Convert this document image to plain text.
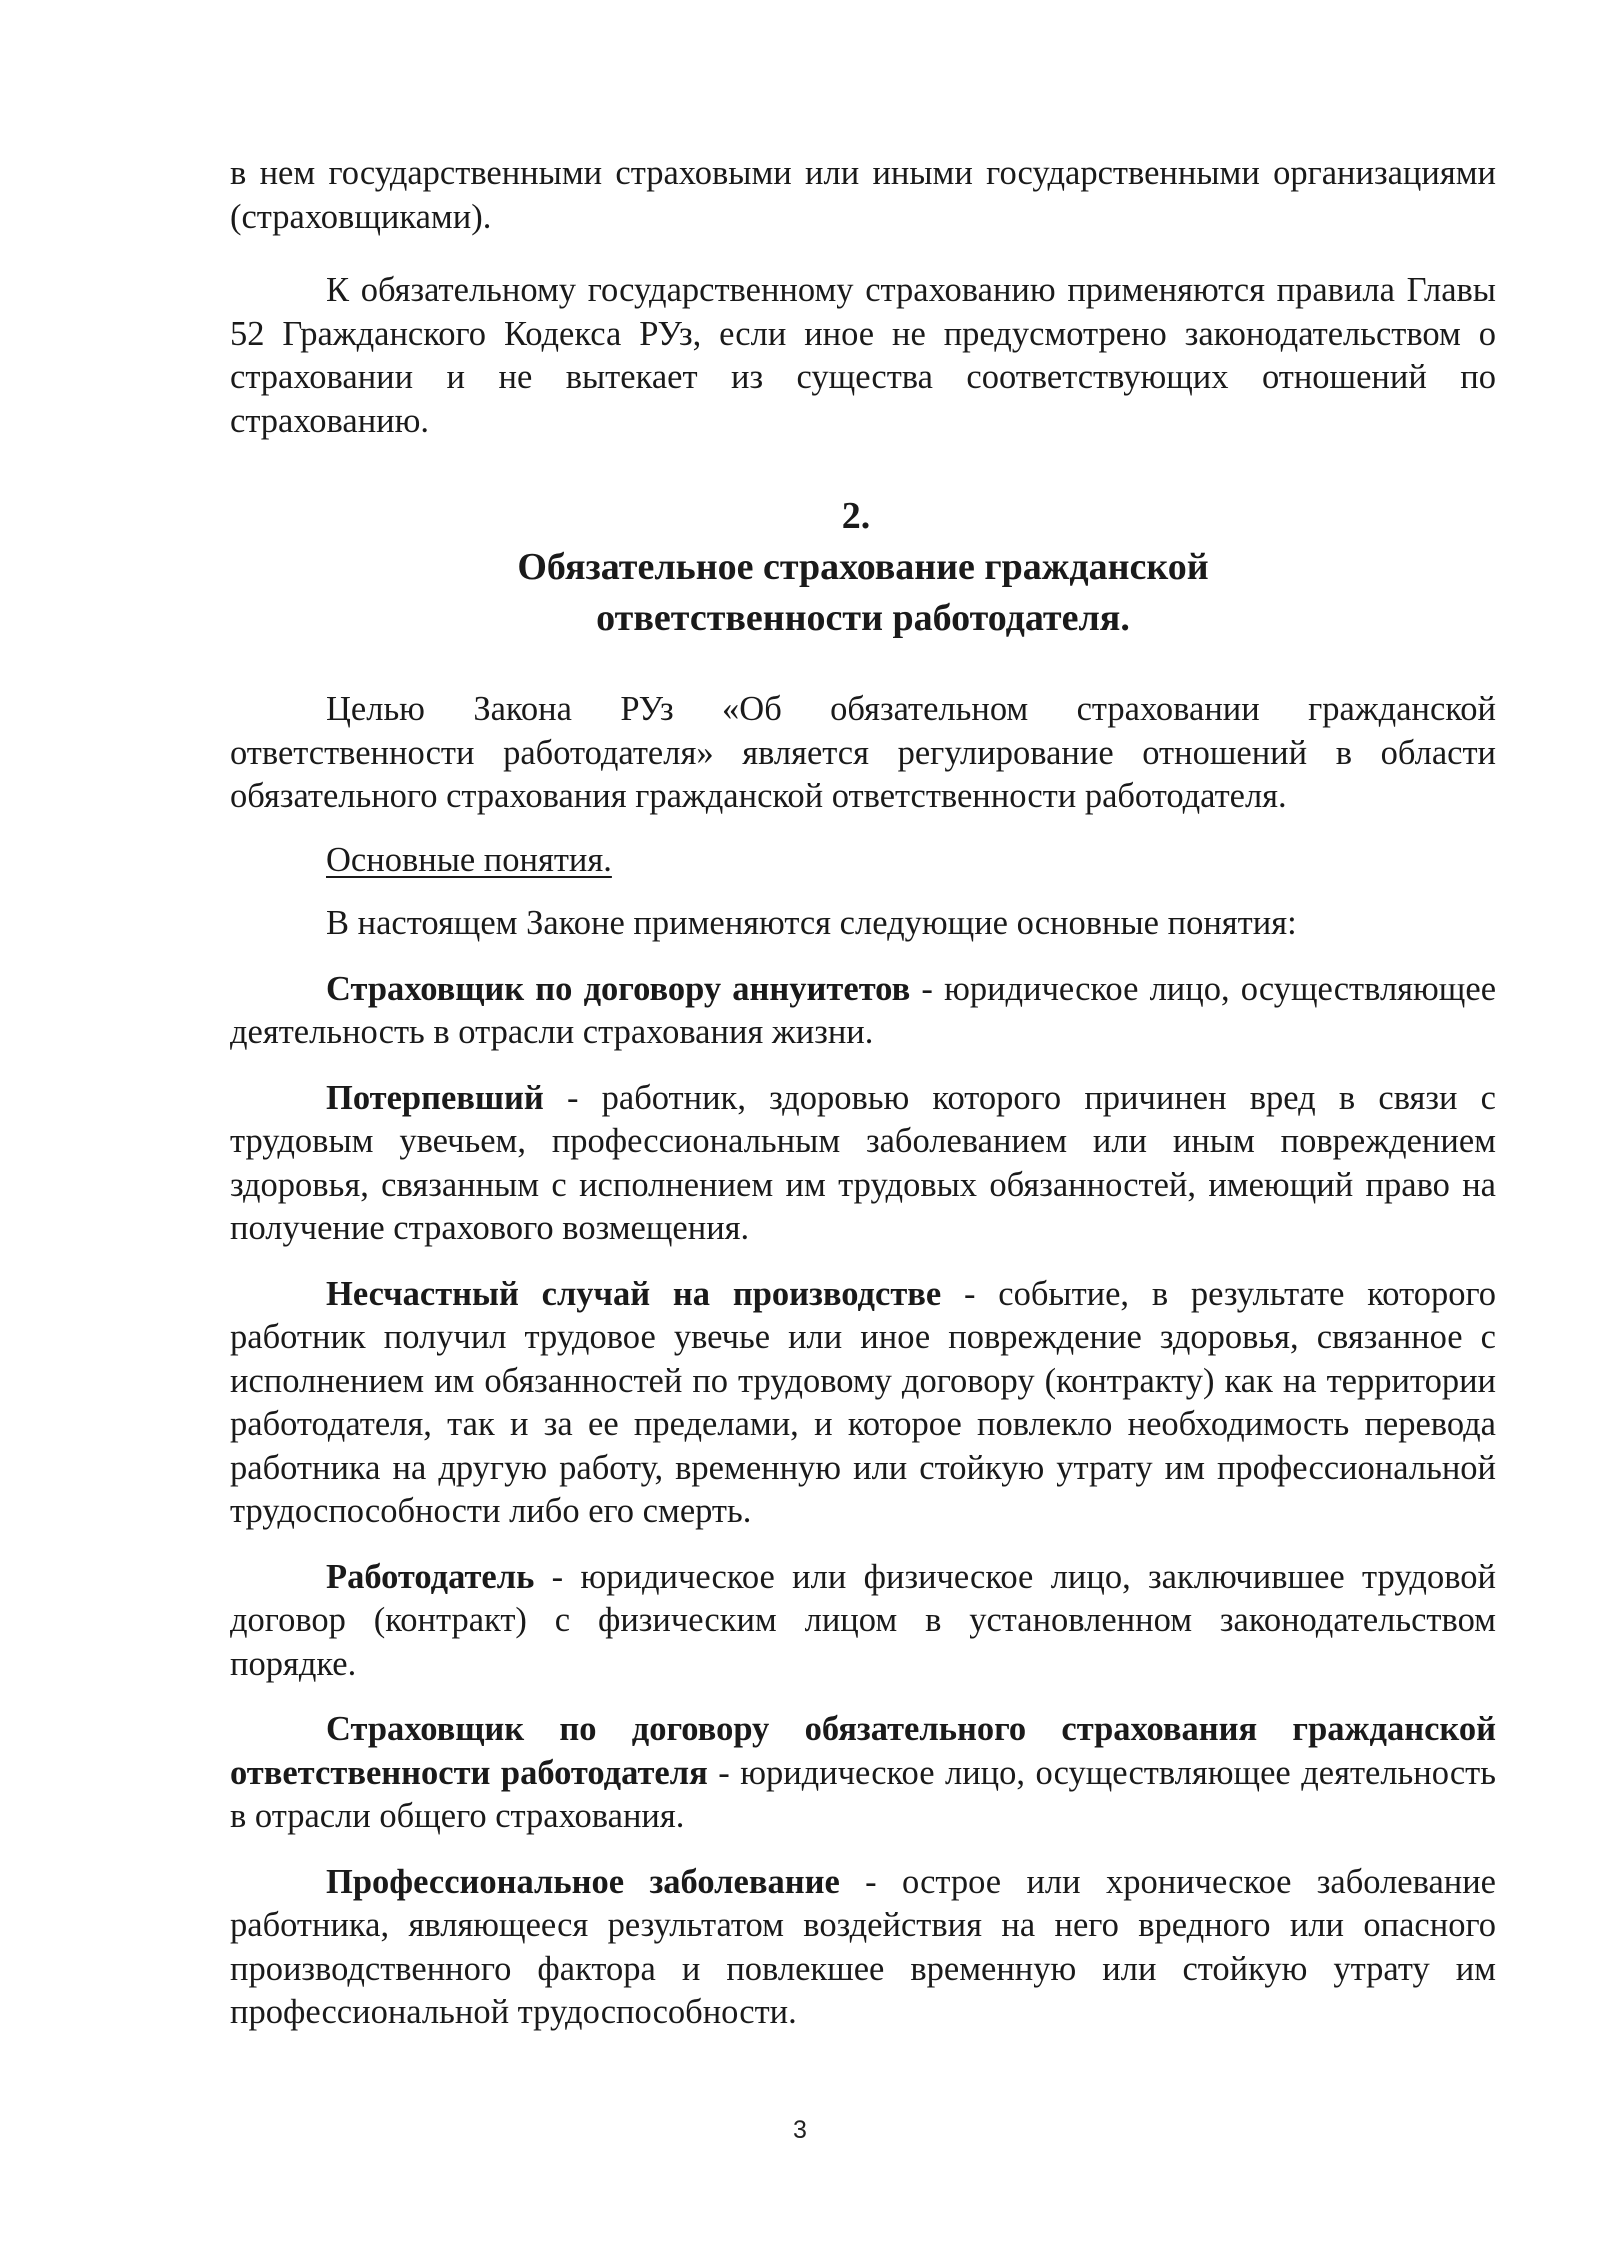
в нем государственными страховыми или иными государственными организациями (страховщиками).

К обязательному государственному страхованию применяются правила Главы 52 Гражданского Кодекса РУз, если иное не предусмотрено законодательством о страховании и не вытекает из существа соответствующих отношений по страхованию.

2.
Обязательное страхование гражданской
ответственности работодателя.

Целью Закона РУз «Об обязательном страховании гражданской ответственности работодателя» является регулирование отношений в области обязательного страхования гражданской ответственности работодателя.

Основные понятия.

В настоящем Законе применяются следующие основные понятия:

Страховщик по договору аннуитетов - юридическое лицо, осуществляющее деятельность в отрасли страхования жизни.

Потерпевший - работник, здоровью которого причинен вред в связи с трудовым увечьем, профессиональным заболеванием или иным повреждением здоровья, связанным с исполнением им трудовых обязанностей, имеющий право на получение страхового возмещения.

Несчастный случай на производстве - событие, в результате которого работник получил трудовое увечье или иное повреждение здоровья, связанное с исполнением им обязанностей по трудовому договору (контракту) как на территории работодателя, так и за ее пределами, и которое повлекло необходимость перевода работника на другую работу, временную или стойкую утрату им профессиональной трудоспособности либо его смерть.

Работодатель - юридическое или физическое лицо, заключившее трудовой договор (контракт) с физическим лицом в установленном законодательством порядке.

Страховщик по договору обязательного страхования гражданской ответственности работодателя - юридическое лицо, осуществляющее деятельность в отрасли общего страхования.

Профессиональное заболевание - острое или хроническое заболевание работника, являющееся результатом воздействия на него вредного или опасного производственного фактора и повлекшее временную или стойкую утрату им профессиональной трудоспособности.

3
